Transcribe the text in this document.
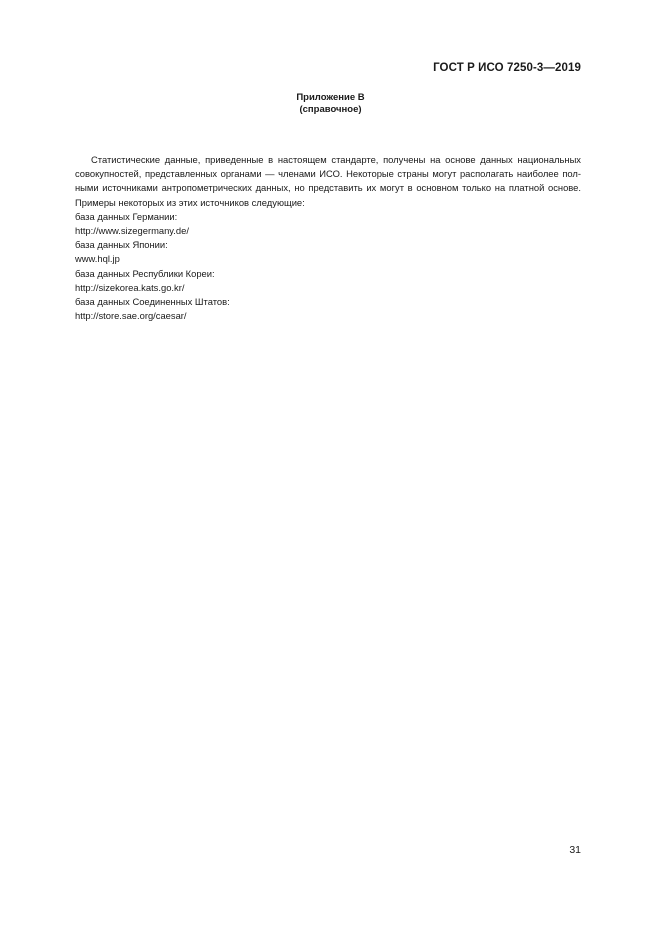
ГОСТ Р ИСО 7250-3—2019
Приложение В
(справочное)
Статистические данные, приведенные в настоящем стандарте, получены на основе данных национальных
совокупностей, представленных органами — членами ИСО. Некоторые страны могут располагать наиболее пол-
ными источниками антропометрических данных, но представить их могут в основном только на платной основе.
Примеры некоторых из этих источников следующие:
база данных Германии:
http://www.sizegermany.de/
база данных Японии:
www.hql.jp
база данных Республики Кореи:
http://sizekorea.kats.go.kr/
база данных Соединенных Штатов:
http://store.sae.org/caesar/
31
